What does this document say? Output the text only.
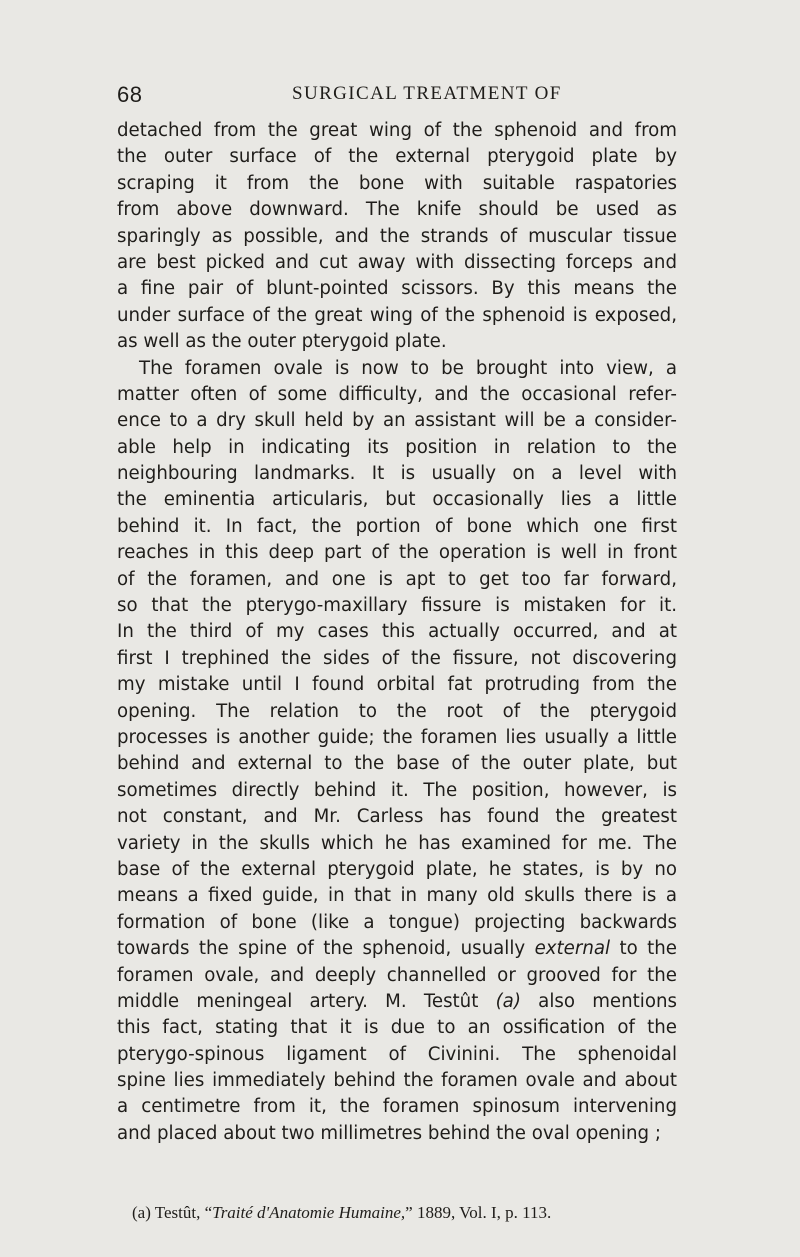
68	SURGICAL TREATMENT OF
detached from the great wing of the sphenoid and from
the outer surface of the external pterygoid plate by
scraping it from the bone with suitable raspatories
from above downward. The knife should be used as
sparingly as possible, and the strands of muscular tissue
are best picked and cut away with dissecting forceps and
a fine pair of blunt-pointed scissors. By this means the
under surface of the great wing of the sphenoid is exposed,
as well as the outer pterygoid plate.
The foramen ovale is now to be brought into view, a
matter often of some difficulty, and the occasional refer-
ence to a dry skull held by an assistant will be a consider-
able help in indicating its position in relation to the
neighbouring landmarks. It is usually on a level with
the eminentia articularis, but occasionally lies a little
behind it. In fact, the portion of bone which one first
reaches in this deep part of the operation is well in front
of the foramen, and one is apt to get too far forward,
so that the pterygo-maxillary fissure is mistaken for it.
In the third of my cases this actually occurred, and at
first I trephined the sides of the fissure, not discovering
my mistake until I found orbital fat protruding from the
opening. The relation to the root of the pterygoid
processes is another guide; the foramen lies usually a little
behind and external to the base of the outer plate, but
sometimes directly behind it. The position, however, is
not constant, and Mr. Carless has found the greatest
variety in the skulls which he has examined for me. The
base of the external pterygoid plate, he states, is by no
means a fixed guide, in that in many old skulls there is a
formation of bone (like a tongue) projecting backwards
towards the spine of the sphenoid, usually external to the
foramen ovale, and deeply channelled or grooved for the
middle meningeal artery. M. Testût (a) also mentions
this fact, stating that it is due to an ossification of the
pterygo-spinous ligament of Civinini. The sphenoidal
spine lies immediately behind the foramen ovale and about
a centimetre from it, the foramen spinosum intervening
and placed about two millimetres behind the oval opening ;
(a) Testût, “Traité d'Anatomie Humaine,” 1889, Vol. I, p. 113.
